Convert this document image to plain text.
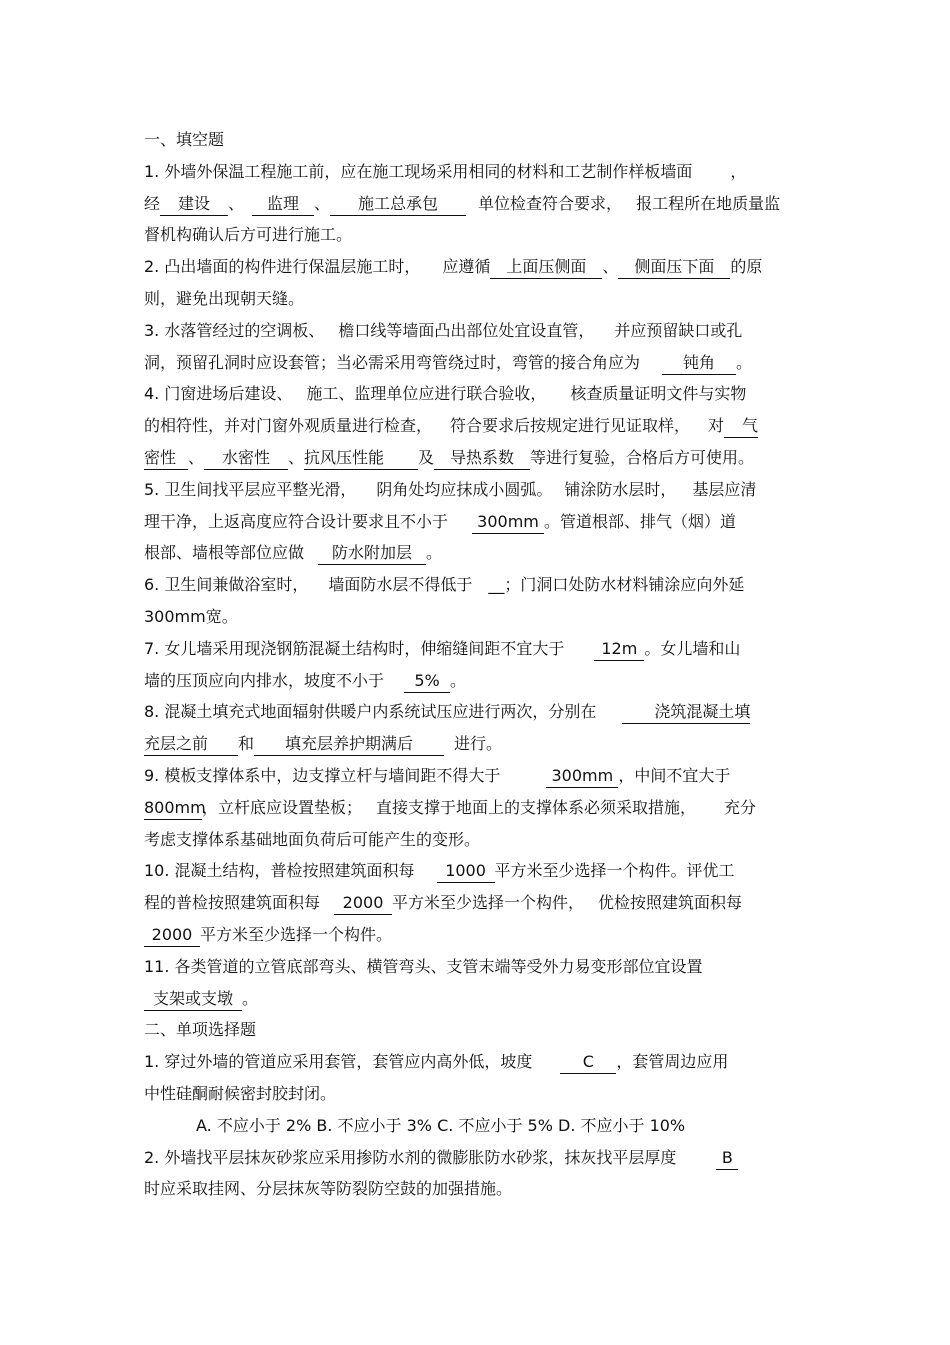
一、填空题
1. 外墙外保温工程施工前，应在施工现场采用相同的材料和工艺制作样板墙面 ，
经 建设 、 监理 、 施工总承包	单位检查符合要求， 报工程所在地质量监
督机构确认后方可进行施工。
2. 凸出墙面的构件进行保温层施工时， 应遵循 上面压侧面 、 侧面压下面 的原
则，避免出现朝天缝。
3. 水落管经过的空调板、 檐口线等墙面凸出部位处宜设直管， 并应预留缺口或孔
洞，预留孔洞时应设套管；当必需采用弯管绕过时，弯管的接合角应为	钝角 。
4. 门窗进场后建设、 施工、监理单位应进行联合验收， 核查质量证明文件与实物
的相符性，并对门窗外观质量进行检查， 符合要求后按规定进行见证取样， 对 气
密性 、 水密性 、抗风压性能 及 导热系数 等进行复验，合格后方可使用。
5. 卫生间找平层应平整光滑， 阴角处均应抹成小圆弧。 铺涂防水层时， 基层应清
理干净，上返高度应符合设计要求且不小于 300mm 。管道根部、排气（烟）道
根部、墙根等部位应做 防水附加层 。
6. 卫生间兼做浴室时， 墙面防水层不得低于 __；门洞口处防水材料铺涂应向外延
300mm宽。
7. 女儿墙采用现浇钢筋混凝土结构时，伸缩缝间距不宜大于 12m 。女儿墙和山
墙的压顶应向内排水，坡度不小于 5% 。
8. 混凝土填充式地面辐射供暖户内系统试压应进行两次，分别在	浇筑混凝土填
充层之前 和 填充层养护期满后	进行。
9. 模板支撑体系中，边支撑立杆与墙间距不得大于	300mm ，中间不宜大于
800mm，立杆底应设置垫板； 直接支撑于地面上的支撑体系必须采取措施， 充分
考虑支撑体系基础地面负荷后可能产生的变形。
10. 混凝土结构，普检按照建筑面积每 1000 平方米至少选择一个构件。评优工
程的普检按照建筑面积每 2000 平方米至少选择一个构件， 优检按照建筑面积每
2000 平方米至少选择一个构件。
11. 各类管道的立管底部弯头、横管弯头、支管末端等受外力易变形部位宜设置
支架或支墩 。
二、单项选择题
1. 穿过外墙的管道应采用套管，套管应内高外低，坡度	C ，套管周边应用
中性硅酮耐候密封胶封闭。
A. 不应小于 2% B. 不应小于 3% C. 不应小于 5% D. 不应小于 10%
2. 外墙找平层抹灰砂浆应采用掺防水剂的微膨胀防水砂浆，抹灰找平层厚度	B
时应采取挂网、分层抹灰等防裂防空鼓的加强措施。
